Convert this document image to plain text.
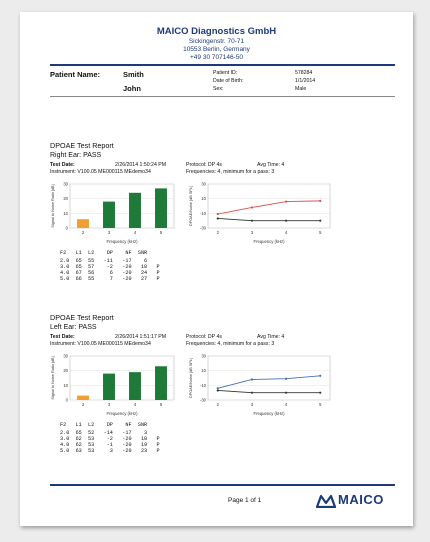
MAICO Diagnostics GmbH
Sickingenstr. 70-71
10553 Berlin, Germany
+49 30 707146-50
Patient Name:	Smith
John
Patient ID:	578284
Date of Birth:	1/1/2014
Sex:	Male
DPOAE Test Report
Right Ear: PASS
Test Date:	2/26/2014 1:50:24 PM
Instrument: V100.05 ME000115 MEdemo34
Protocol: DP 4s	Avg Time: 4
Frequencies: 4, minimum for a pass: 3
30
20
10
0
Frequency (kHz)
Signal to Noise Ratio [dB]
2	3	4	5
30
10
-10
-30
Frequency (kHz)
DPOAE/Noise [dB SPL]
2	3	4	5
F2   L1  L2    DP    NF  SNR
2.0  65  55   -11   -17    6
3.0  65  57    -2   -20   18   P
4.0  67  56     6   -20   24   P
5.0  66  55     7   -20   27   P
DPOAE Test Report
Left Ear: PASS
Test Date:	2/26/2014 1:51:17 PM
Instrument: V100.05 ME000115 MEdemo34
Protocol: DP 4s	Avg Time: 4
Frequencies: 4, minimum for a pass: 3
30
20
10
0
Frequency (kHz)
Signal to Noise Ratio [dB]
2	3	4	5
30
10
-10
-30
Frequency (kHz)
DPOAE/Noise [dB SPL]
2	3	4	5
F2   L1  L2    DP    NF  SNR
2.0  65  52   -14   -17    3
3.0  62  53    -2   -20   18   P
4.0  62  53    -1   -20   19   P
5.0  63  53     3   -20   23   P
Page 1 of 1	MAICO
